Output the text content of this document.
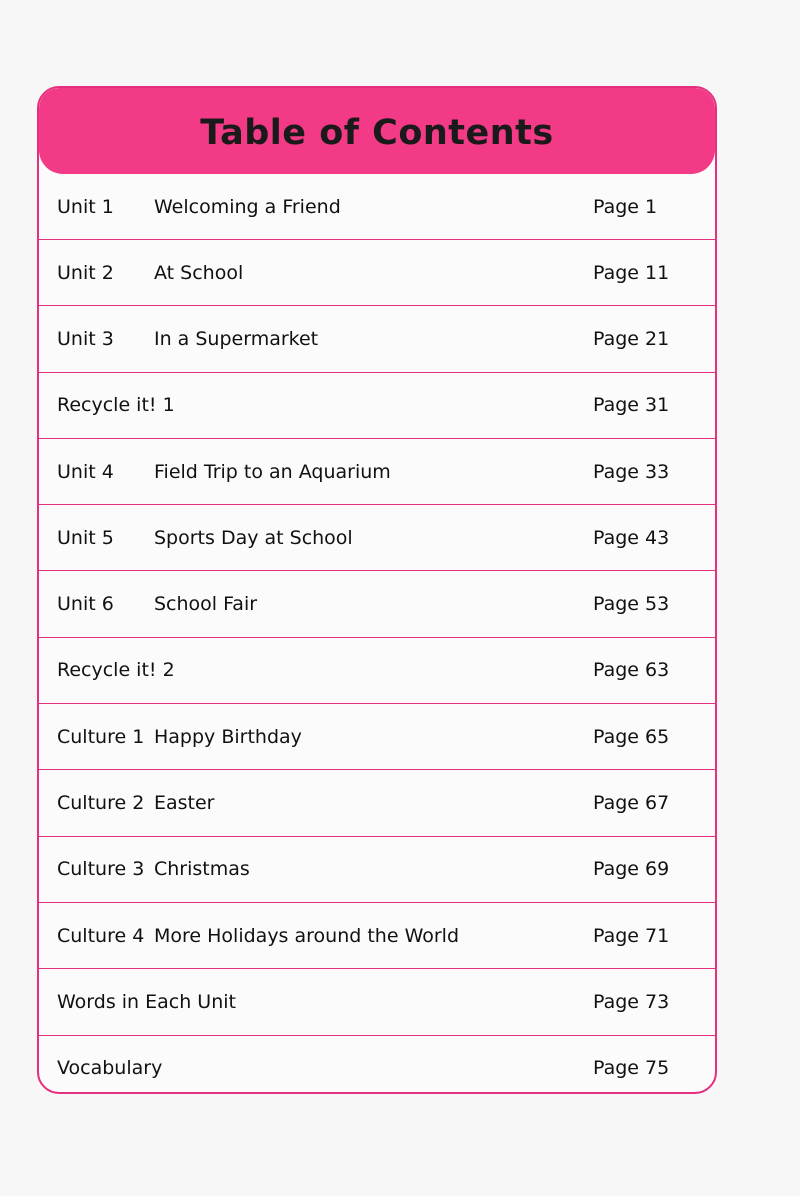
Table of Contents
Unit 1 Welcoming a Friend	Page 1
Unit 2 At School	Page 11
Unit 3 In a Supermarket	Page 21
Recycle it! 1	Page 31
Unit 4 Field Trip to an Aquarium	Page 33
Unit 5 Sports Day at School	Page 43
Unit 6 School Fair	Page 53
Recycle it! 2	Page 63
Culture 1 Happy Birthday	Page 65
Culture 2 Easter	Page 67
Culture 3 Christmas	Page 69
Culture 4 More Holidays around the World	Page 71
Words in Each Unit	Page 73
Vocabulary	Page 75
